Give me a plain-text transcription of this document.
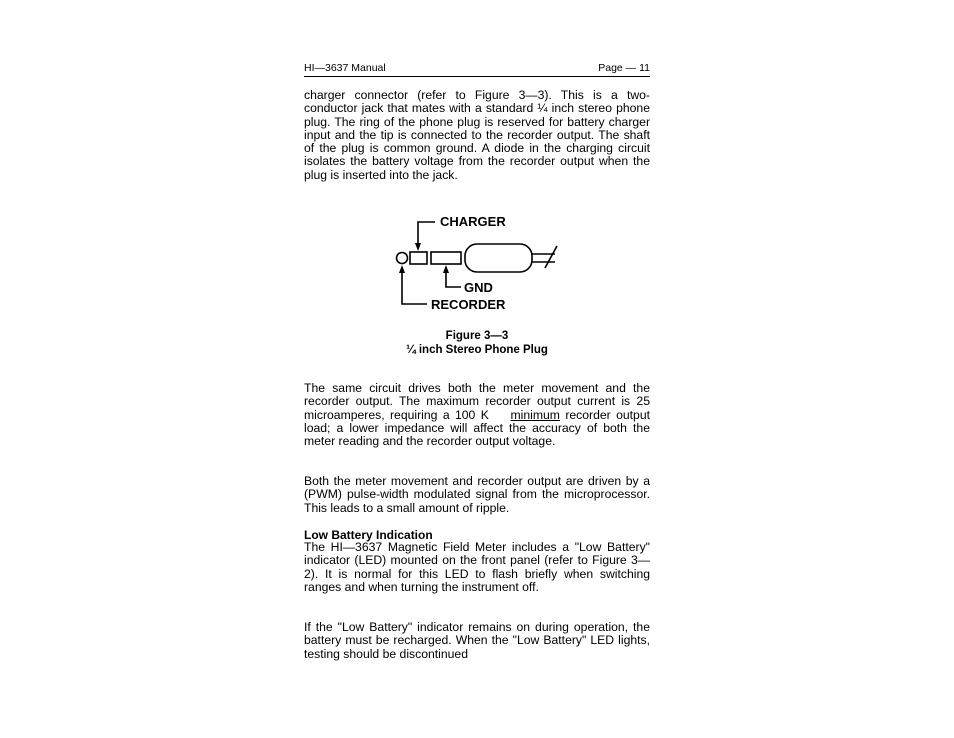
HI—3637 Manual	Page — 11

charger connector (refer to Figure 3—3). This is a two-conductor jack that mates with a standard ¼ inch stereo phone plug. The ring of the phone plug is reserved for battery charger input and the tip is connected to the recorder output. The shaft of the plug is common ground. A diode in the charging circuit isolates the battery voltage from the recorder output when the plug is inserted into the jack.

CHARGER
GND
RECORDER
Figure 3—3
¼ inch Stereo Phone Plug

The same circuit drives both the meter movement and the recorder output. The maximum recorder output current is 25 microamperes, requiring a 100 K minimum recorder output load; a lower impedance will affect the accuracy of both the meter reading and the recorder output voltage.

Both the meter movement and recorder output are driven by a (PWM) pulse-width modulated signal from the microprocessor. This leads to a small amount of ripple.

Low Battery Indication

The HI—3637 Magnetic Field Meter includes a "Low Battery" indicator (LED) mounted on the front panel (refer to Figure 3—2). It is normal for this LED to flash briefly when switching ranges and when turning the instrument off.

If the "Low Battery" indicator remains on during operation, the battery must be recharged. When the "Low Battery" LED lights, testing should be discontinued
